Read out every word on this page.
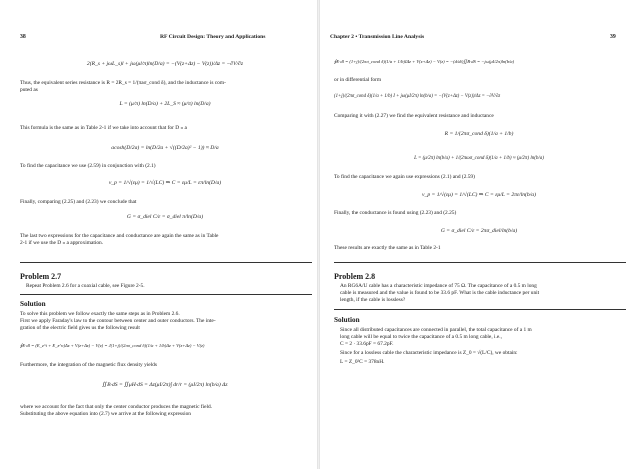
38	RF Circuit Design: Theory and Applications
2(R_s + jωL_s)l + jω(μl/π)ln(D/a) = −(V(z+Δz) − V(z))/Δz = −∂V/∂z
Thus, the equivalent series resistance is R = 2R_s = 1/(πaσ_cond δ), and the inductance is com-
puted as
L = (μ/π) ln(D/a) + 2L_S ≈ (μ/π) ln(D/a)
This formula is the same as in Table 2-1 if we take into account that for D » a
acosh(D/2a) = ln(D/2a + √((D/2a)² − 1)) ≈ D/a
To find the capacitance we use (2.59) in conjunction with (2.1)
v_p = 1/√(εμ) = 1/√(LC) ⇒ C = εμ/L = επ/ln(D/a)
Finally, comparing (2.25) and (2.23) we conclude that
G = σ_diel C/ε = σ_diel π/ln(D/a)
The last two expressions for the capacitance and conductance are again the same as in Table
2-1 if we use the D » a approximation.
Problem 2.7
Repeat Problem 2.6 for a coaxial cable, see Figure 2-5.
Solution
To solve this problem we follow exactly the same steps as in Problem 2.6.
First we apply Faraday's law to the contour between center and outer conductors. The inte-
gration of the electric field gives us the following result
∮E·dl = (E_z^i + E_z^o)Δz + V(z+Δz) − V(z) = J(1+j)/(2πσ_cond δ)(1/a + 1/b)Δz + V(z+Δz) − V(z)
Furthermore, the integration of the magnetic flux density yields
∬B·dS = ∬μH·dS = Δz(μI/2π)∫ dr/r = (μI/2π) ln(b/a) Δz
where we account for the fact that only the center conductor produces the magnetic field.
Substituting the above equation into (2.7) we arrive at the following expression
Chapter 2 • Transmission Line Analysis	39
∮E·dl = (1+j)/(2πσ_cond δ)(1/a + 1/b)IΔz + V(z+Δz) − V(z) = −(d/dt)∬B·dS = −jω(μI/2π)ln(b/a)
or in differential form
(1+j)/(2πσ_cond δ)(1/a + 1/b) I + jω(μI/2π) ln(b/a) = −(V(z+Δz) − V(z))/Δz = −∂V/∂z
Comparing it with (2.27) we find the equivalent resistance and inductance
R = 1/(2πσ_cond δ)(1/a + 1/b)
L = (μ/2π) ln(b/a) + 1/(2πωσ_cond δ)(1/a + 1/b) ≈ (μ/2π) ln(b/a)
To find the capacitance we again use expressions (2.1) and (2.59)
v_p = 1/√(εμ) = 1/√(LC) ⇒ C = εμ/L = 2πε/ln(b/a)
Finally, the conductance is found using (2.23) and (2.25)
G = σ_diel C/ε = 2πσ_diel/ln(b/a)
These results are exactly the same as in Table 2-1
Problem 2.8
An RG6A/U cable has a characteristic impedance of 75 Ω. The capacitance of a 0.5 m long
cable is measured and the value is found to be 33.6 pF. What is the cable inductance per unit
length, if the cable is lossless?
Solution
Since all distributed capacitances are connected in parallel, the total capacitance of a 1 m
long cable will be equal to twice the capacitance of a 0.5 m long cable, i.e.,
C = 2 · 33.6pF = 67.2pF.
Since for a lossless cable the characteristic impedance is Z_0 = √(L/C), we obtain:
L = Z_0²C = 378nH.
